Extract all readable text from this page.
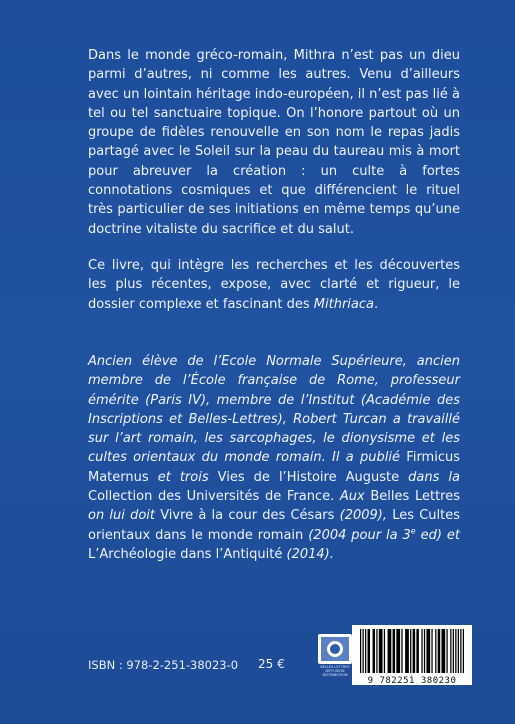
Dans le monde gréco-romain, Mithra n’est pas un dieu parmi d’autres, ni comme les autres. Venu d’ailleurs avec un lointain héritage indo-européen, il n’est pas lié à tel ou tel sanctuaire topique. On l’honore partout où un groupe de fidèles renouvelle en son nom le repas jadis partagé avec le Soleil sur la peau du taureau mis à mort pour abreuver la création : un culte à fortes connotations cosmiques et que différencient le rituel très particulier de ses initiations en même temps qu’une doctrine vitaliste du sacrifice et du salut.

Ce livre, qui intègre les recherches et les découvertes les plus récentes, expose, avec clarté et rigueur, le dossier complexe et fascinant des Mithriaca.

Ancien élève de l’Ecole Normale Supérieure, ancien membre de l’École française de Rome, professeur émérite (Paris IV), membre de l’Institut (Académie des Inscriptions et Belles-Lettres), Robert Turcan a travaillé sur l’art romain, les sarcophages, le dionysisme et les cultes orientaux du monde romain. Il a publié Firmicus Maternus et trois Vies de l’Histoire Auguste dans la Collection des Universités de France. Aux Belles Lettres on lui doit Vivre à la cour des Césars (2009), Les Cultes orientaux dans le monde romain (2004 pour la 3e ed) et L’Archéologie dans l’Antiquité (2014).

ISBN : 978-2-251-38023-0 25 €	BELLES LETTRES DIFFUSION DISTRIBUTION
9 782251 380230
